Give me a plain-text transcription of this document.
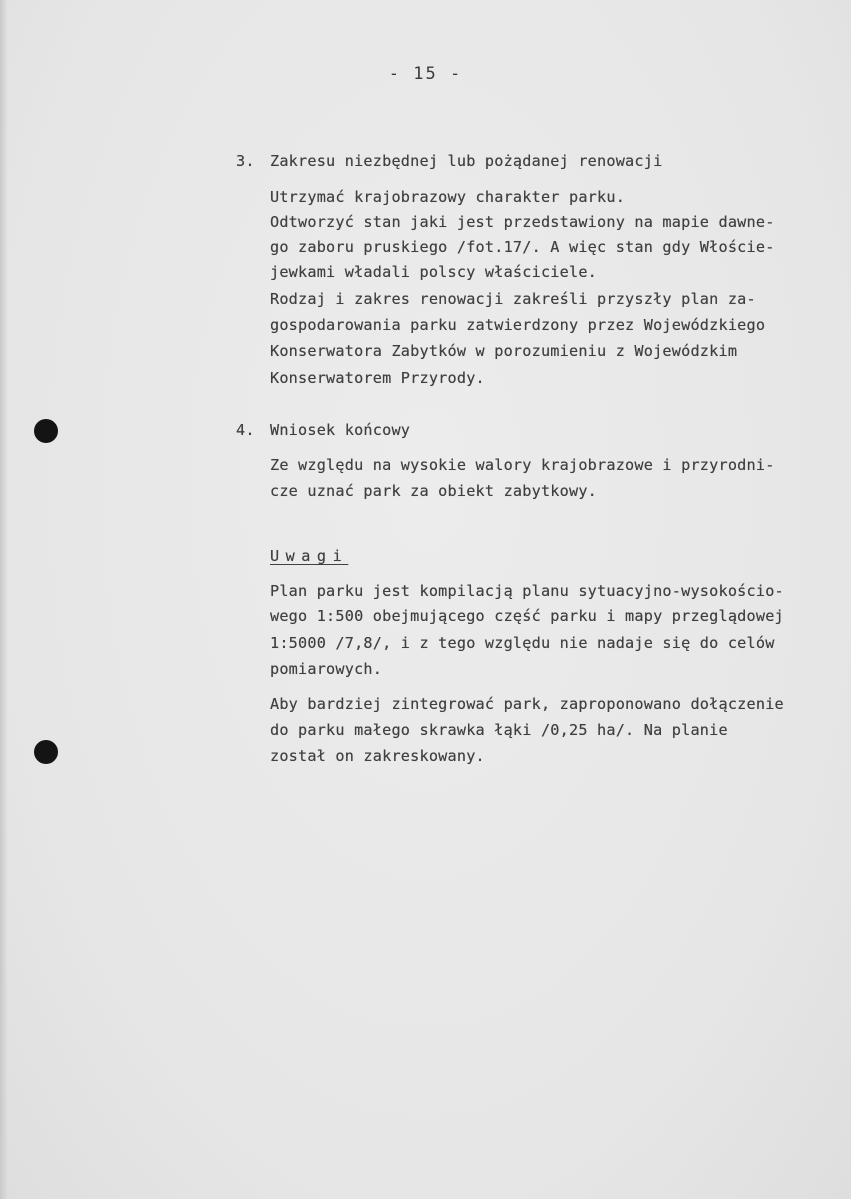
- 15 -
3. Zakresu niezbędnej lub pożądanej renowacji
Utrzymać krajobrazowy charakter parku.
Odtworzyć stan jaki jest przedstawiony na mapie dawne-
go zaboru pruskiego /fot.17/. A więc stan gdy Włoście-
jewkami władali polscy właściciele.
Rodzaj i zakres renowacji zakreśli przyszły plan za-
gospodarowania parku zatwierdzony przez Wojewódzkiego
Konserwatora Zabytków w porozumieniu z Wojewódzkim
Konserwatorem Przyrody.
4. Wniosek końcowy
Ze względu na wysokie walory krajobrazowe i przyrodni-
cze uznać park za obiekt zabytkowy.
Uwagi
Plan parku jest kompilacją planu sytuacyjno-wysokościo-
wego 1:500 obejmującego część parku i mapy przeglądowej
1:5000 /7,8/, i z tego względu nie nadaje się do celów
pomiarowych.
Aby bardziej zintegrować park, zaproponowano dołączenie
do parku małego skrawka łąki /0,25 ha/. Na planie
został on zakreskowany.
